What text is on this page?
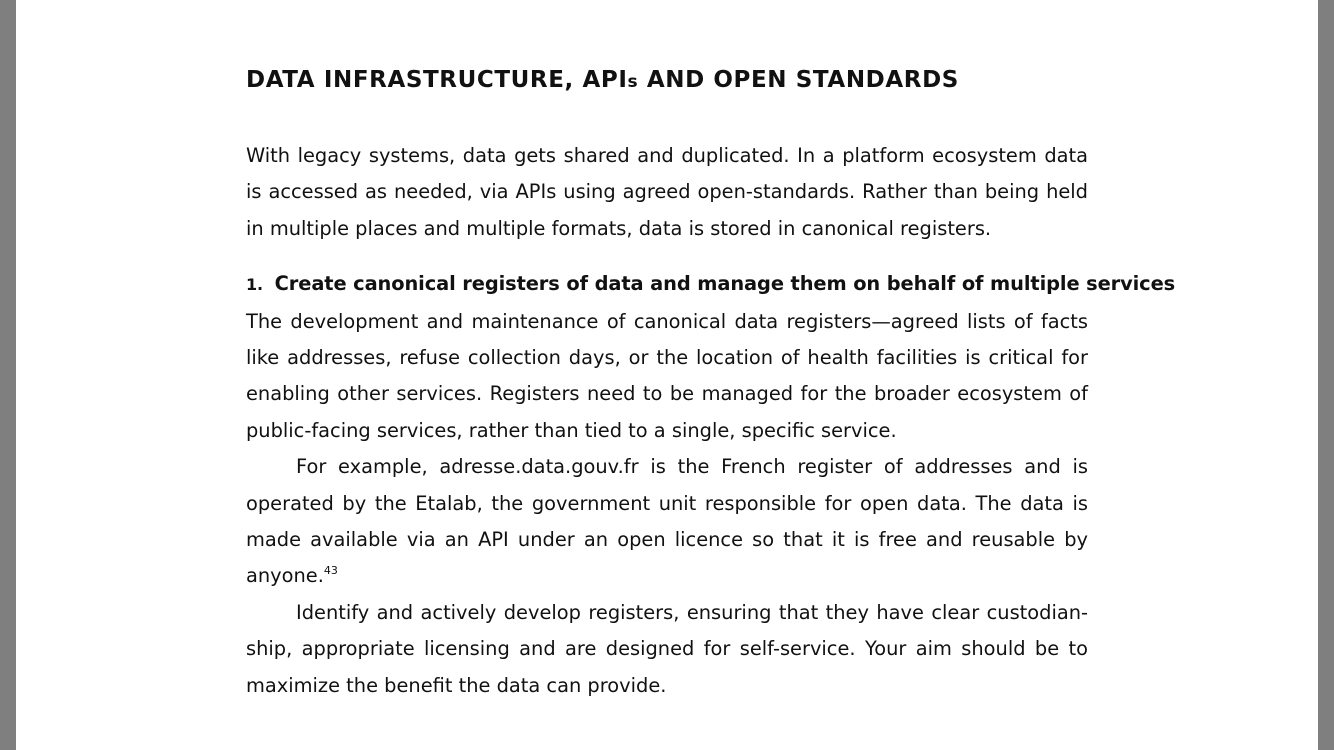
DATA INFRASTRUCTURE, APIs AND OPEN STANDARDS

With legacy systems, data gets shared and duplicated. In a platform ecosystem data is accessed as needed, via APIs using agreed open-standards. Rather than being held in multiple places and multiple formats, data is stored in canonical registers.

1. Create canonical registers of data and manage them on behalf of multiple services

The development and maintenance of canonical data registers—agreed lists of facts like addresses, refuse collection days, or the location of health facilities is critical for enabling other services. Registers need to be managed for the broader ecosystem of public-facing services, rather than tied to a single, specific service.

For example, adresse.data.gouv.fr is the French register of addresses and is operated by the Etalab, the government unit responsible for open data. The data is made available via an API under an open licence so that it is free and reusable by anyone.$^{43}$

Identify and actively develop registers, ensuring that they have clear custodianship, appropriate licensing and are designed for self-service. Your aim should be to maximize the benefit the data can provide.
